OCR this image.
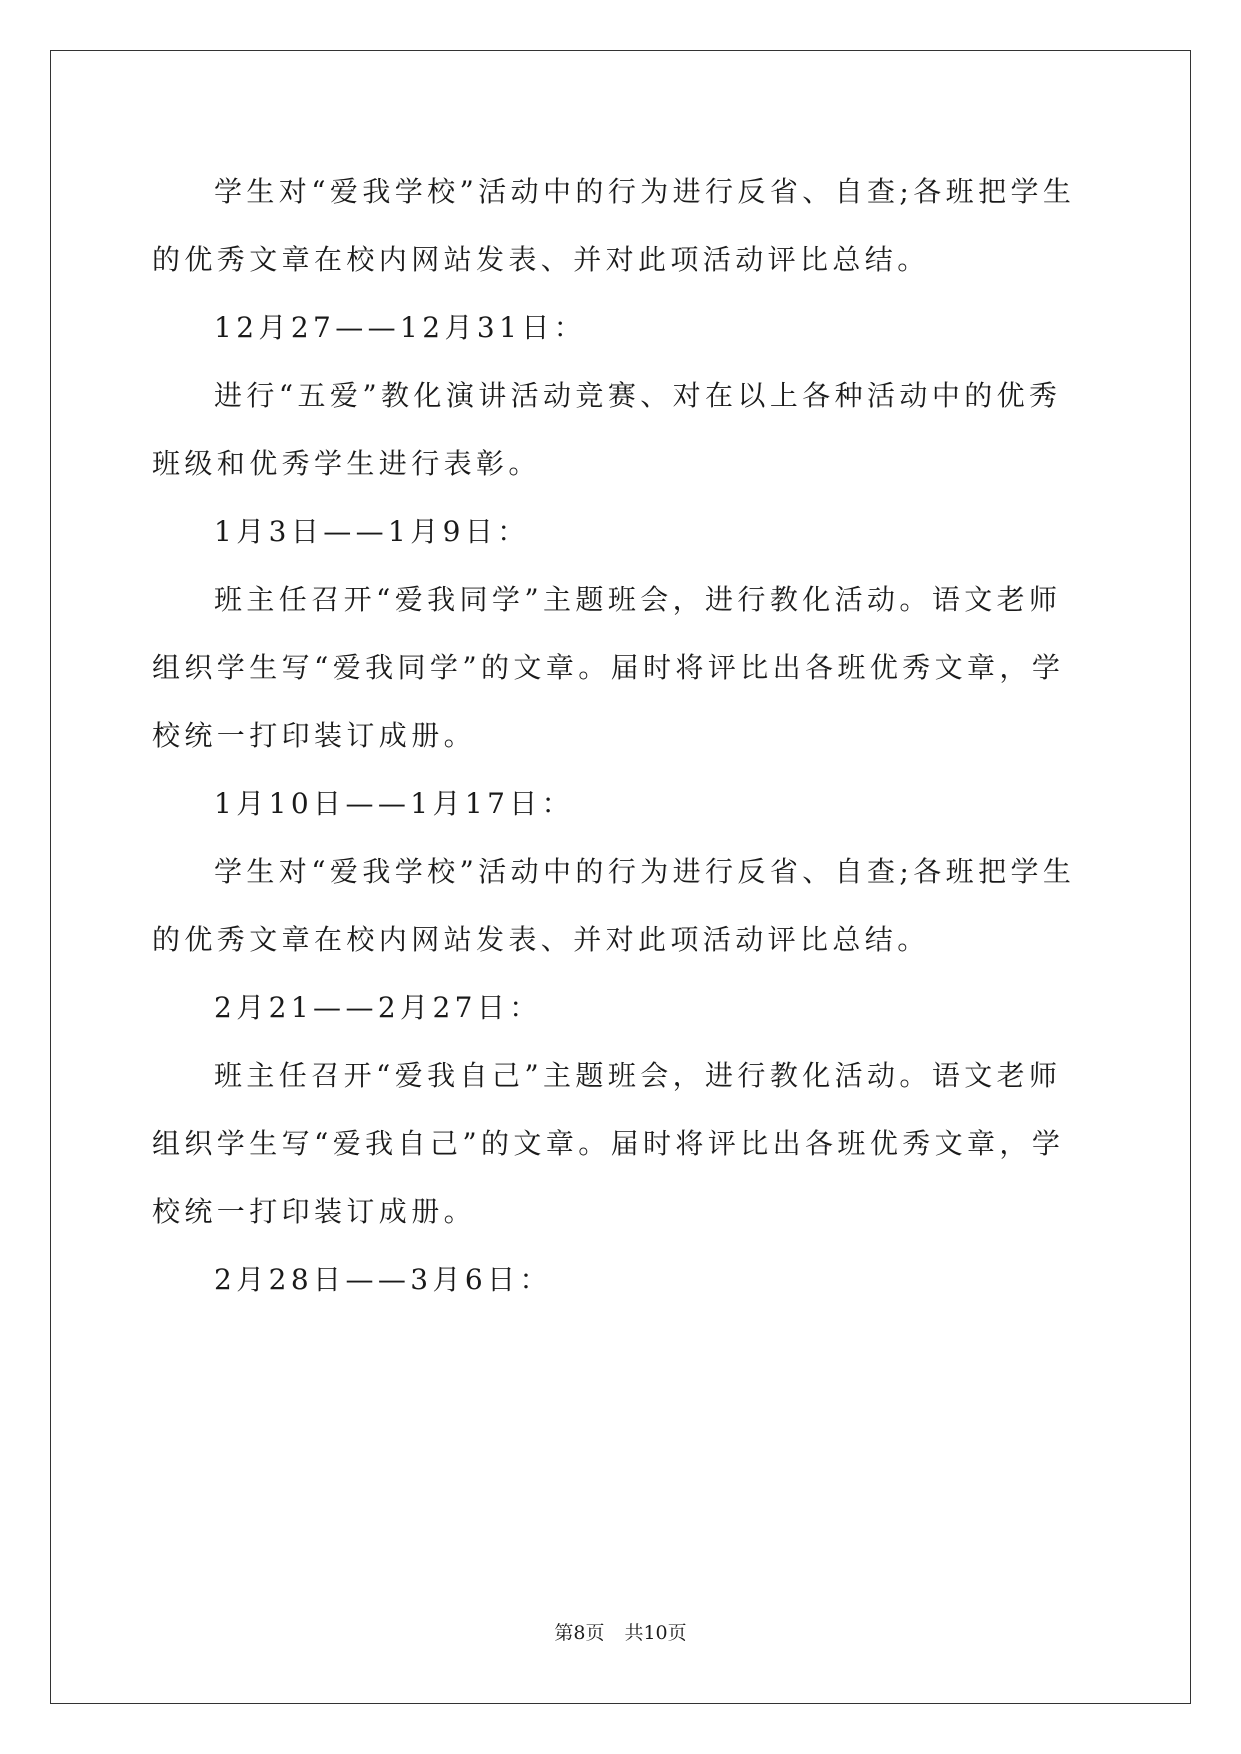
学生对“爱我学校”活动中的行为进行反省、自查;各班把学生的优秀文章在校内网站发表、并对此项活动评比总结。

12月27——12月31日：

进行“五爱”教化演讲活动竞赛、对在以上各种活动中的优秀班级和优秀学生进行表彰。

1月3日——1月9日：

班主任召开“爱我同学”主题班会，进行教化活动。语文老师组织学生写“爱我同学”的文章。届时将评比出各班优秀文章，学校统一打印装订成册。

1月10日——1月17日：

学生对“爱我学校”活动中的行为进行反省、自查;各班把学生的优秀文章在校内网站发表、并对此项活动评比总结。

2月21——2月27日：

班主任召开“爱我自己”主题班会，进行教化活动。语文老师组织学生写“爱我自己”的文章。届时将评比出各班优秀文章，学校统一打印装订成册。

2月28日——3月6日：

第8页 共10页
